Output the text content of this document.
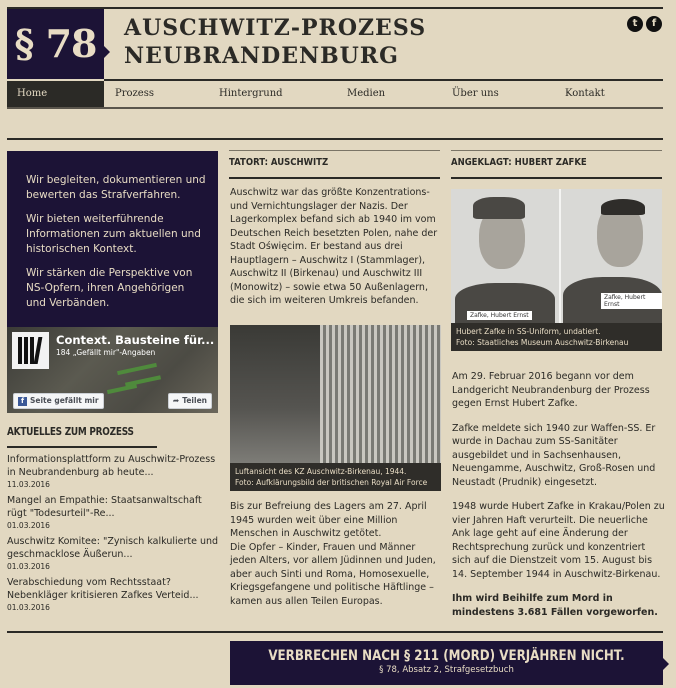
§ 78	AUSCHWITZ-PROZESS
NEUBRANDENBURG
t	f
Home	Prozess	Hintergrund	Medien	Über uns	Kontakt

Wir begleiten, dokumentieren und bewerten das Strafverfahren.

Wir bieten weiterführende Informationen zum aktuellen und historischen Kontext.

Wir stärken die Perspektive von NS-Opfern, ihren Angehörigen und Verbänden.

Context. Bausteine für...
184 „Gefällt mir"-Angaben
f Seite gefällt mir	➦ Teilen
AKTUELLES ZUM PROZESS
Informationsplattform zu Auschwitz-Prozess in Neubrandenburg ab heute...
11.03.2016
Mangel an Empathie: Staatsanwaltschaft rügt "Todesurteil"-Re...
01.03.2016
Auschwitz Komitee: "Zynisch kalkulierte und geschmacklose Äußerun...
01.03.2016
Verabschiedung vom Rechtsstaat? Nebenkläger kritisieren Zafkes Verteid...
01.03.2016
TATORT: AUSCHWITZ
Auschwitz war das größte Konzentrations- und Vernichtungslager der Nazis. Der Lagerkomplex befand sich ab 1940 im vom Deutschen Reich besetzten Polen, nahe der Stadt Oświęcim. Er bestand aus drei Hauptlagern – Auschwitz I (Stammlager), Auschwitz II (Birkenau) und Auschwitz III (Monowitz) – sowie etwa 50 Außenlagern, die sich im weiteren Umkreis befanden.
Luftansicht des KZ Auschwitz-Birkenau, 1944.
Foto: Aufklärungsbild der britischen Royal Air Force
Bis zur Befreiung des Lagers am 27. April 1945 wurden weit über eine Million Menschen in Auschwitz getötet.
Die Opfer – Kinder, Frauen und Männer jeden Alters, vor allem Jüdinnen und Juden, aber auch Sinti und Roma, Homosexuelle, Kriegsgefangene und politische Häftlinge – kamen aus allen Teilen Europas.
ANGEKLAGT: HUBERT ZAFKE
Zafke, Hubert Ernst
Zafke, Hubert Ernst
Hubert Zafke in SS-Uniform, undatiert.
Foto: Staatliches Museum Auschwitz-Birkenau

Am 29. Februar 2016 begann vor dem Landgericht Neubrandenburg der Prozess gegen Ernst Hubert Zafke.

Zafke meldete sich 1940 zur Waffen-SS. Er wurde in Dachau zum SS-Sanitäter ausgebildet und in Sachsenhausen, Neuengamme, Auschwitz, Groß-Rosen und Neustadt (Prudnik) eingesetzt.

1948 wurde Hubert Zafke in Krakau/Polen zu vier Jahren Haft verurteilt. Die neuerliche Ank lage geht auf eine Änderung der Rechtsprechung zurück und konzentriert sich auf die Dienstzeit vom 15. August bis 14. September 1944 in Auschwitz-Birkenau.

Ihm wird Beihilfe zum Mord in mindestens 3.681 Fällen vorgeworfen.

VERBRECHEN NACH § 211 (MORD) VERJÄHREN NICHT.
§ 78, Absatz 2, Strafgesetzbuch
